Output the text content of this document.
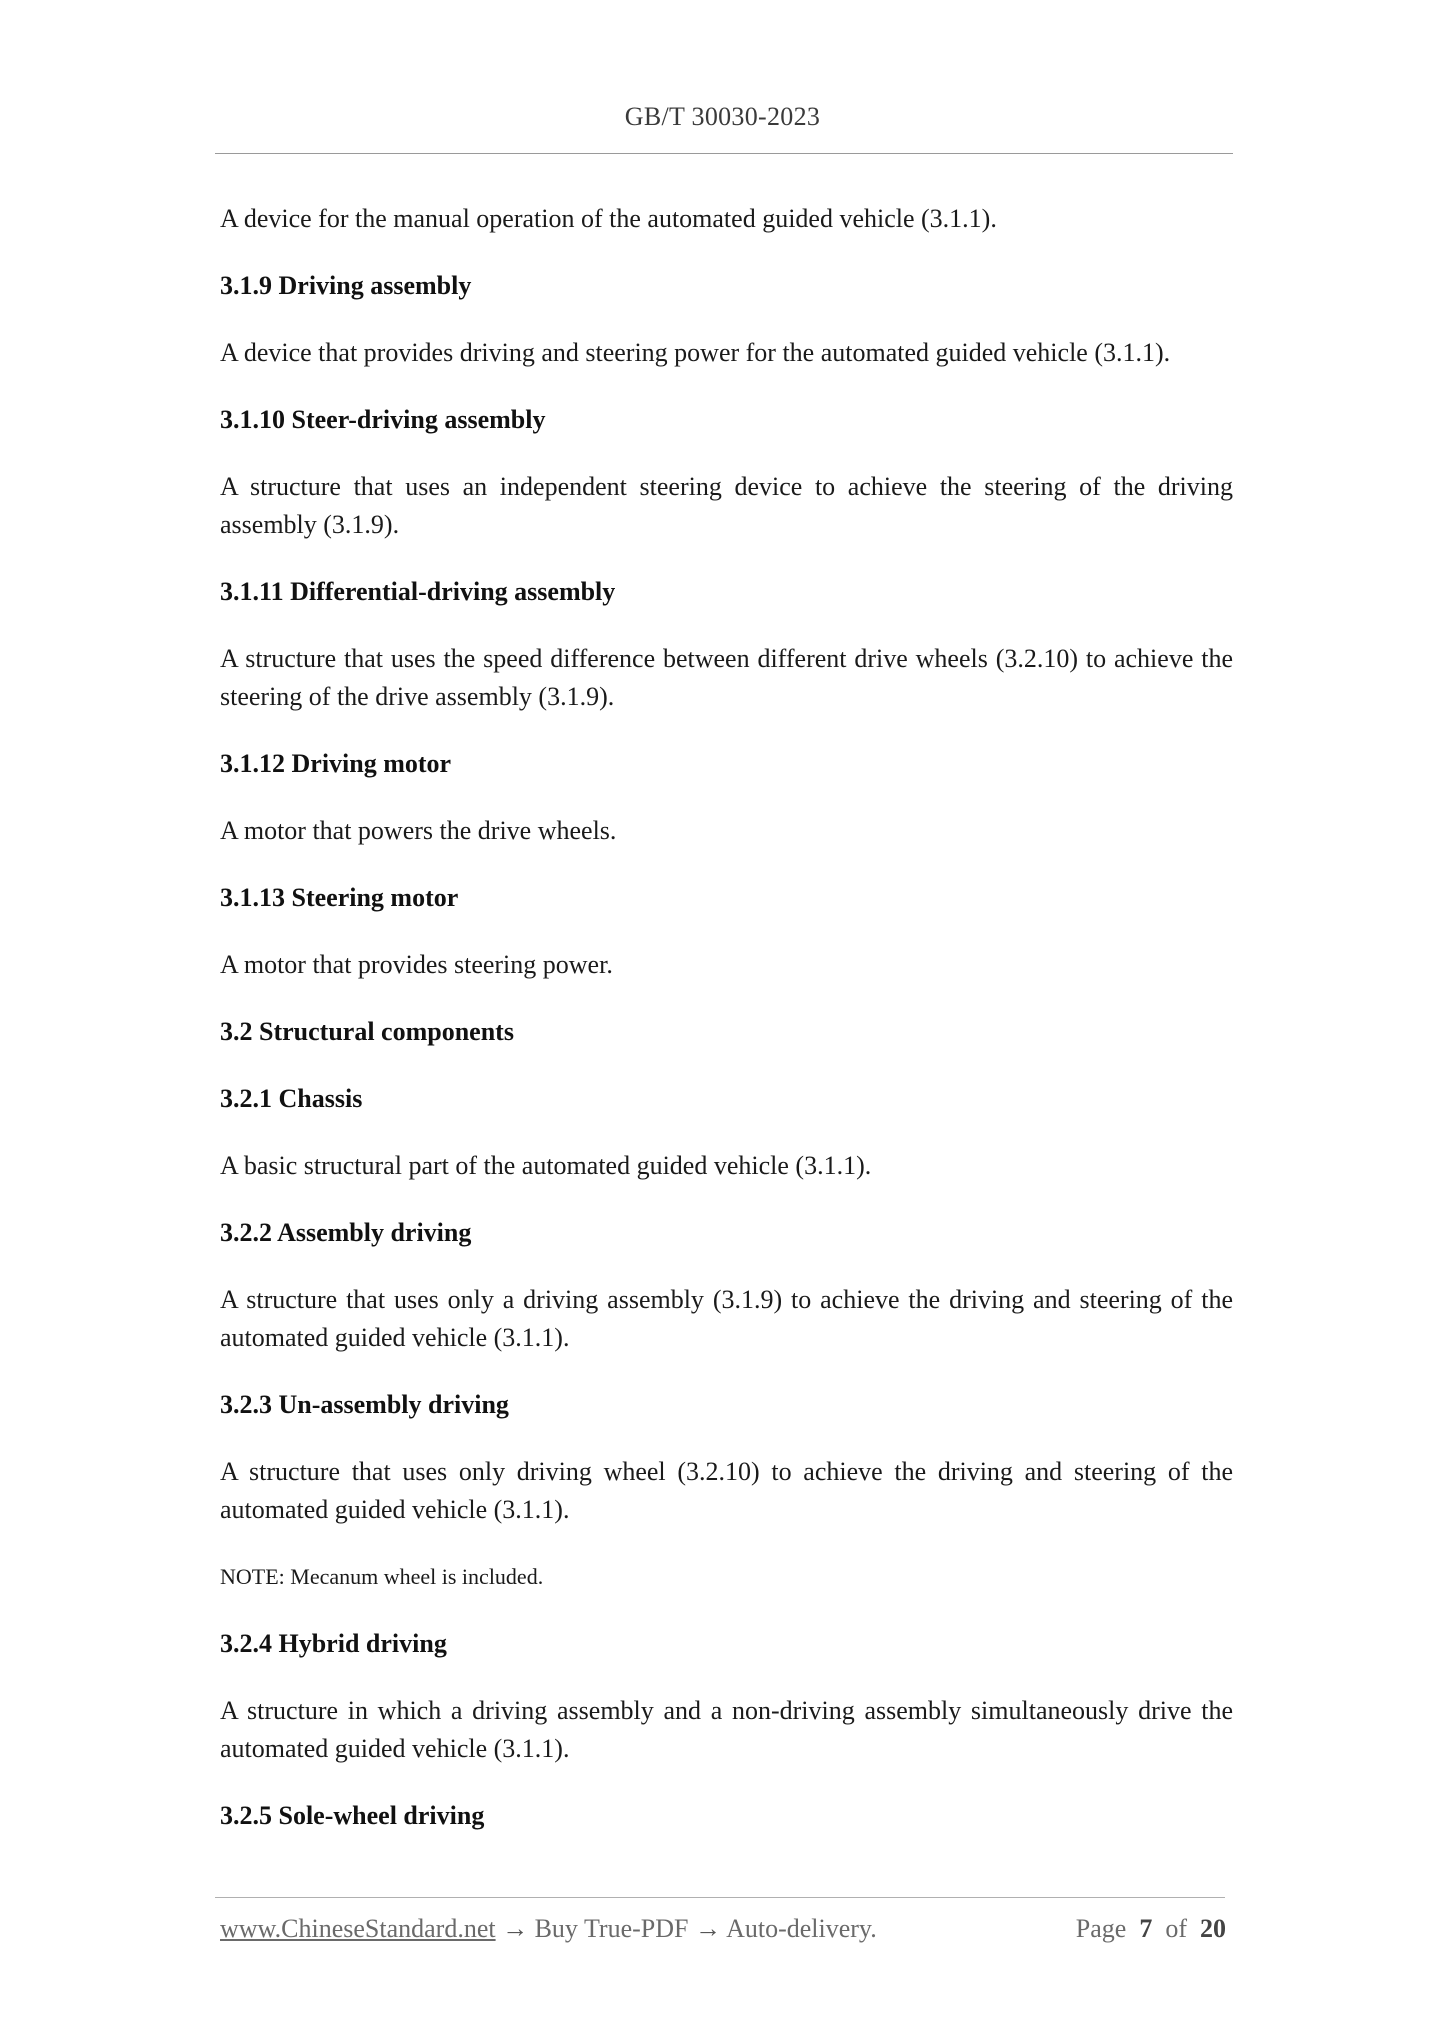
GB/T 30030-2023

A device for the manual operation of the automated guided vehicle (3.1.1).

3.1.9 Driving assembly

A device that provides driving and steering power for the automated guided vehicle (3.1.1).

3.1.10 Steer-driving assembly

A structure that uses an independent steering device to achieve the steering of the driving assembly (3.1.9).

3.1.11 Differential-driving assembly

A structure that uses the speed difference between different drive wheels (3.2.10) to achieve the steering of the drive assembly (3.1.9).

3.1.12 Driving motor

A motor that powers the drive wheels.

3.1.13 Steering motor

A motor that provides steering power.

3.2 Structural components

3.2.1 Chassis

A basic structural part of the automated guided vehicle (3.1.1).

3.2.2 Assembly driving

A structure that uses only a driving assembly (3.1.9) to achieve the driving and steering of the automated guided vehicle (3.1.1).

3.2.3 Un-assembly driving

A structure that uses only driving wheel (3.2.10) to achieve the driving and steering of the automated guided vehicle (3.1.1).

NOTE: Mecanum wheel is included.

3.2.4 Hybrid driving

A structure in which a driving assembly and a non-driving assembly simultaneously drive the automated guided vehicle (3.1.1).

3.2.5 Sole-wheel driving

www.ChineseStandard.net → Buy True-PDF → Auto-delivery.	Page 7 of 20
